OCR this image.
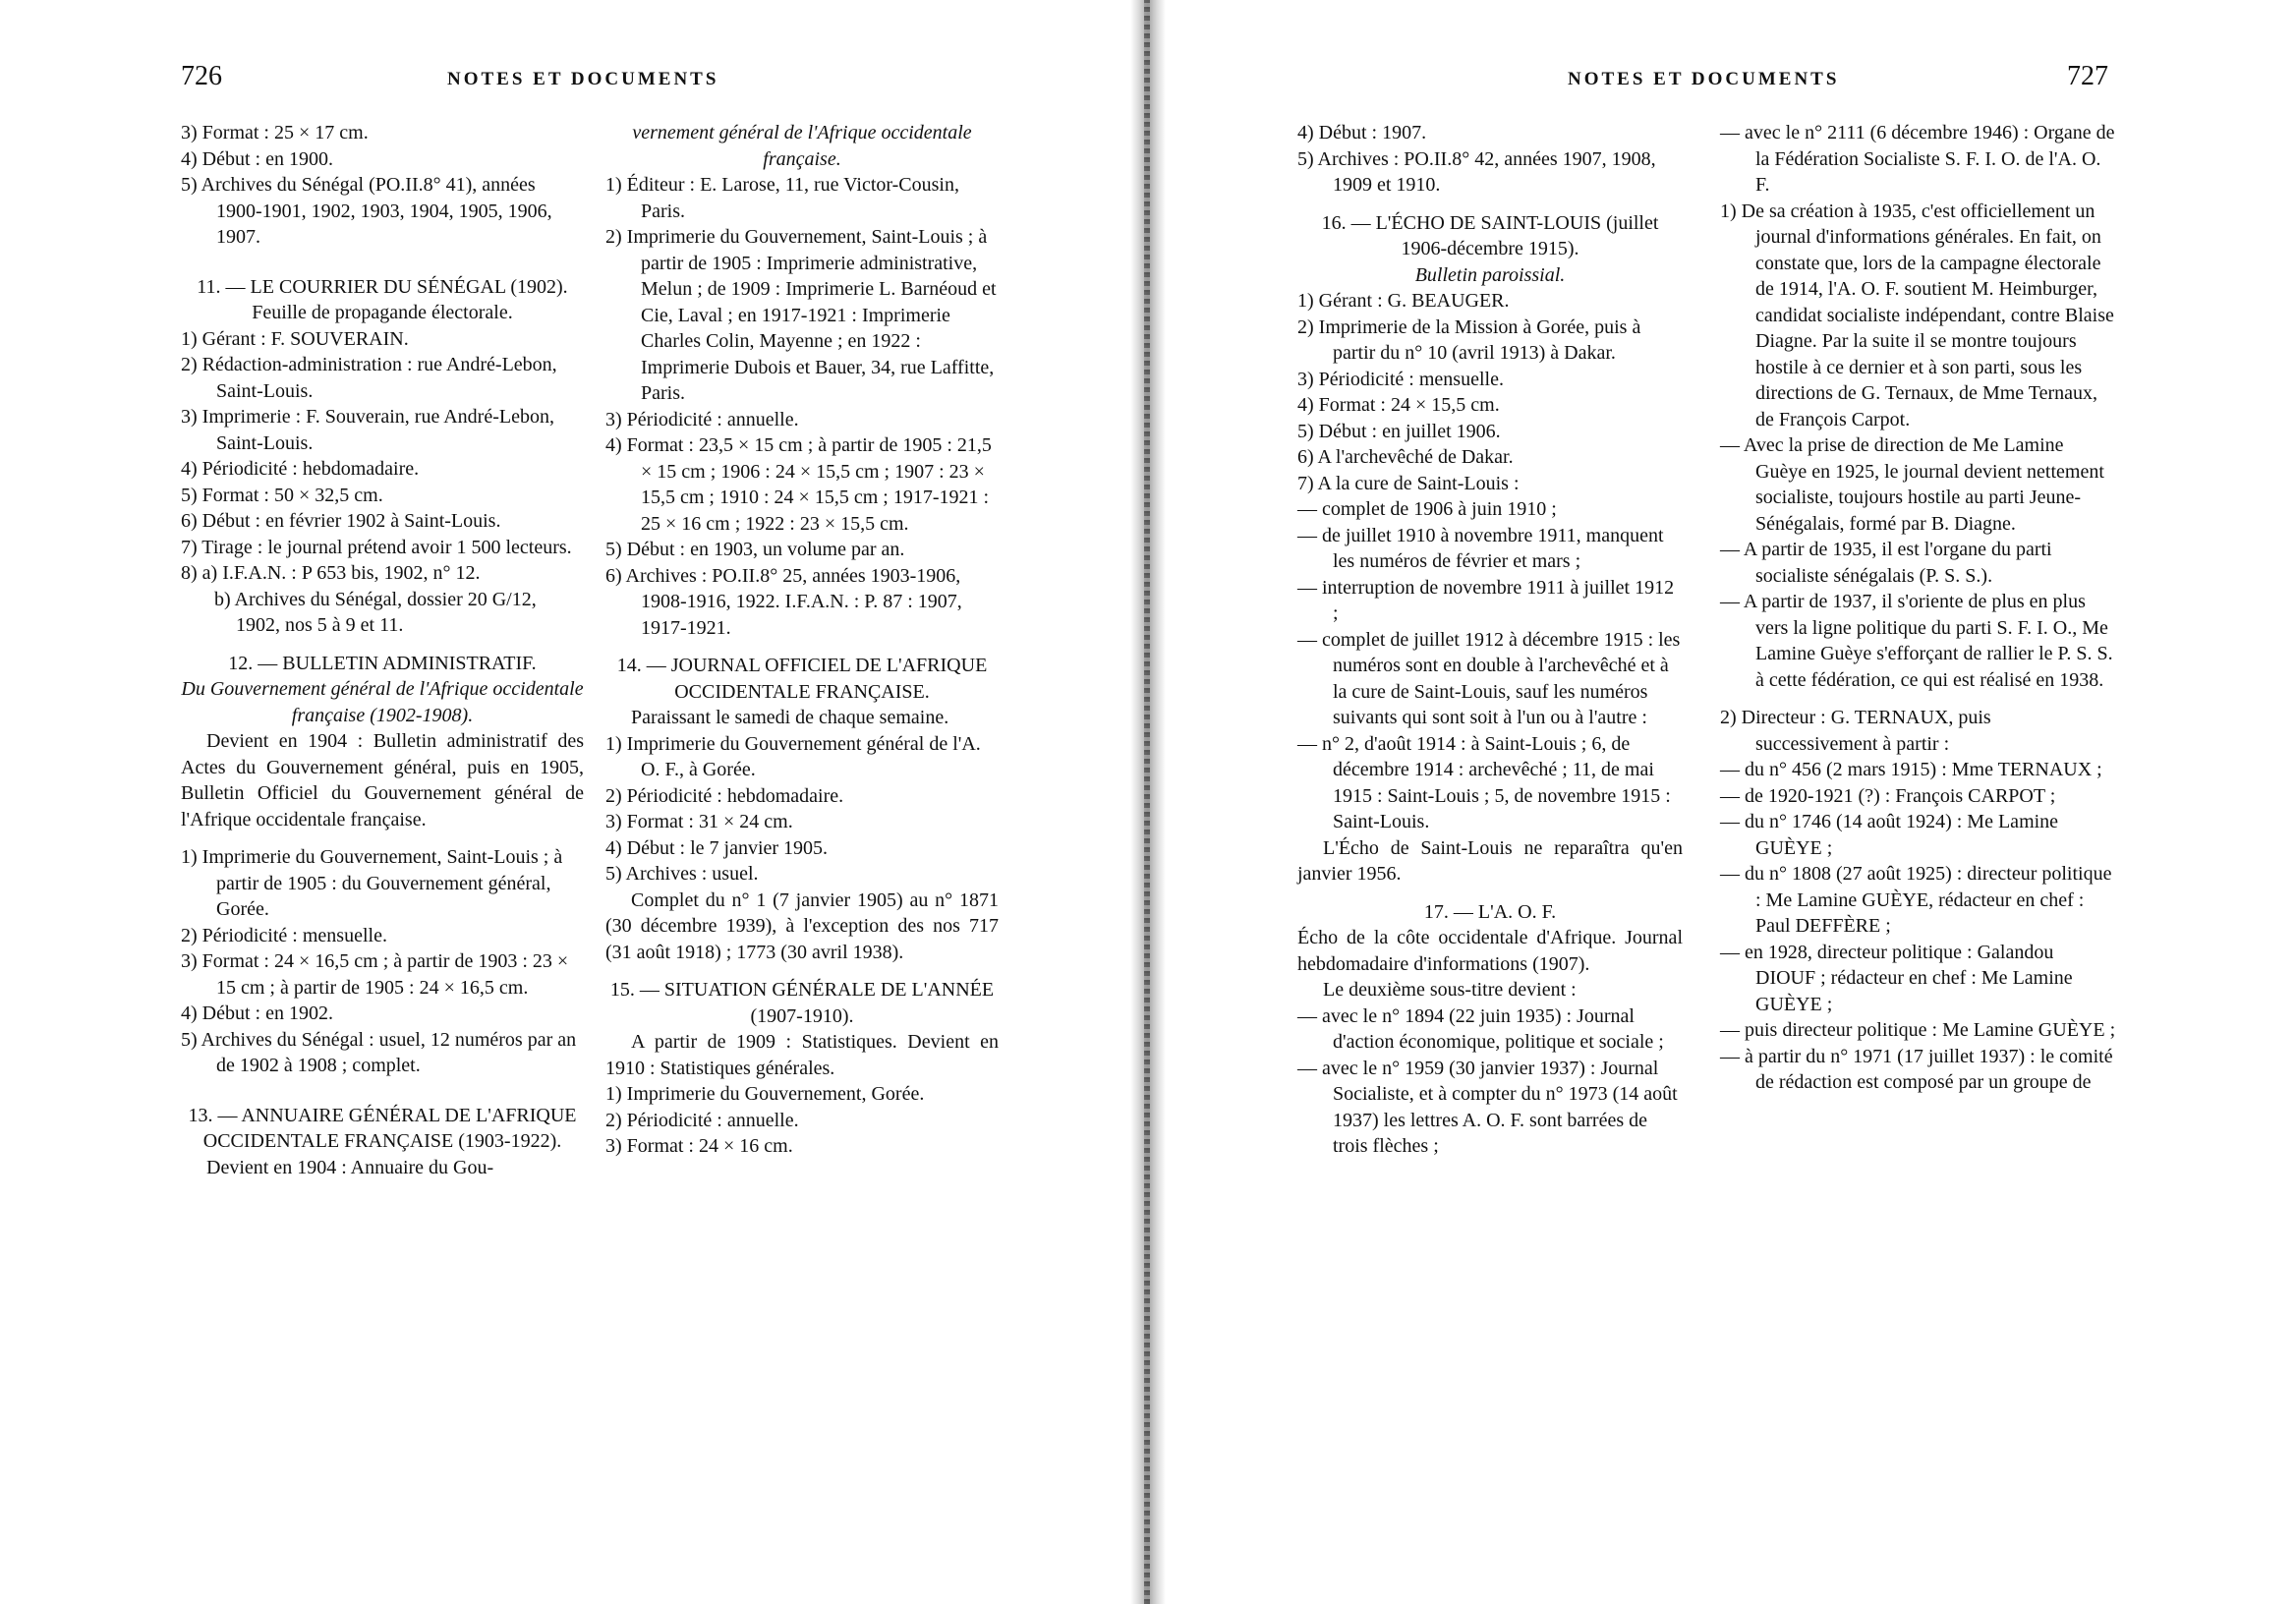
726	NOTES ET DOCUMENTS

3) Format : 25 × 17 cm.

4) Début : en 1900.

5) Archives du Sénégal (PO.II.8° 41), années 1900-1901, 1902, 1903, 1904, 1905, 1906, 1907.

11. — LE COURRIER DU SÉNÉGAL (1902).

Feuille de propagande électorale.

1) Gérant : F. SOUVERAIN.

2) Rédaction-administration : rue André-Lebon, Saint-Louis.

3) Imprimerie : F. Souverain, rue André-Lebon, Saint-Louis.

4) Périodicité : hebdomadaire.

5) Format : 50 × 32,5 cm.

6) Début : en février 1902 à Saint-Louis.

7) Tirage : le journal prétend avoir 1 500 lecteurs.

8) a) I.F.A.N. : P 653 bis, 1902, n° 12.

b) Archives du Sénégal, dossier 20 G/12, 1902, nos 5 à 9 et 11.

12. — BULLETIN ADMINISTRATIF.

Du Gouvernement général de l'Afrique occidentale française (1902-1908).

Devient en 1904 : Bulletin administratif des Actes du Gouvernement général, puis en 1905, Bulletin Officiel du Gouvernement général de l'Afrique occidentale française.

1) Imprimerie du Gouvernement, Saint-Louis ; à partir de 1905 : du Gouvernement général, Gorée.

2) Périodicité : mensuelle.

3) Format : 24 × 16,5 cm ; à partir de 1903 : 23 × 15 cm ; à partir de 1905 : 24 × 16,5 cm.

4) Début : en 1902.

5) Archives du Sénégal : usuel, 12 numéros par an de 1902 à 1908 ; complet.

13. — ANNUAIRE GÉNÉRAL DE L'AFRIQUE OCCIDENTALE FRANÇAISE (1903-1922).

Devient en 1904 : Annuaire du Gou-

vernement général de l'Afrique occidentale française.

1) Éditeur : E. Larose, 11, rue Victor-Cousin, Paris.

2) Imprimerie du Gouvernement, Saint-Louis ; à partir de 1905 : Imprimerie administrative, Melun ; de 1909 : Imprimerie L. Barnéoud et Cie, Laval ; en 1917-1921 : Imprimerie Charles Colin, Mayenne ; en 1922 : Imprimerie Dubois et Bauer, 34, rue Laffitte, Paris.

3) Périodicité : annuelle.

4) Format : 23,5 × 15 cm ; à partir de 1905 : 21,5 × 15 cm ; 1906 : 24 × 15,5 cm ; 1907 : 23 × 15,5 cm ; 1910 : 24 × 15,5 cm ; 1917-1921 : 25 × 16 cm ; 1922 : 23 × 15,5 cm.

5) Début : en 1903, un volume par an.

6) Archives : PO.II.8° 25, années 1903-1906, 1908-1916, 1922. I.F.A.N. : P. 87 : 1907, 1917-1921.

14. — JOURNAL OFFICIEL DE L'AFRIQUE OCCIDENTALE FRANÇAISE.

Paraissant le samedi de chaque semaine.

1) Imprimerie du Gouvernement général de l'A. O. F., à Gorée.

2) Périodicité : hebdomadaire.

3) Format : 31 × 24 cm.

4) Début : le 7 janvier 1905.

5) Archives : usuel.

Complet du n° 1 (7 janvier 1905) au n° 1871 (30 décembre 1939), à l'exception des nos 717 (31 août 1918) ; 1773 (30 avril 1938).

15. — SITUATION GÉNÉRALE DE L'ANNÉE (1907-1910).

A partir de 1909 : Statistiques. Devient en 1910 : Statistiques générales.

1) Imprimerie du Gouvernement, Gorée.

2) Périodicité : annuelle.

3) Format : 24 × 16 cm.

NOTES ET DOCUMENTS	727

4) Début : 1907.

5) Archives : PO.II.8° 42, années 1907, 1908, 1909 et 1910.

16. — L'ÉCHO DE SAINT-LOUIS (juillet 1906-décembre 1915).

Bulletin paroissial.

1) Gérant : G. BEAUGER.

2) Imprimerie de la Mission à Gorée, puis à partir du n° 10 (avril 1913) à Dakar.

3) Périodicité : mensuelle.

4) Format : 24 × 15,5 cm.

5) Début : en juillet 1906.

6) A l'archevêché de Dakar.

7) A la cure de Saint-Louis :

— complet de 1906 à juin 1910 ;

— de juillet 1910 à novembre 1911, manquent les numéros de février et mars ;

— interruption de novembre 1911 à juillet 1912 ;

— complet de juillet 1912 à décembre 1915 : les numéros sont en double à l'archevêché et à la cure de Saint-Louis, sauf les numéros suivants qui sont soit à l'un ou à l'autre :

— n° 2, d'août 1914 : à Saint-Louis ; 6, de décembre 1914 : archevêché ; 11, de mai 1915 : Saint-Louis ; 5, de novembre 1915 : Saint-Louis.

L'Écho de Saint-Louis ne reparaîtra qu'en janvier 1956.

17. — L'A. O. F.

Écho de la côte occidentale d'Afrique. Journal hebdomadaire d'informations (1907).

Le deuxième sous-titre devient :

— avec le n° 1894 (22 juin 1935) : Journal d'action économique, politique et sociale ;

— avec le n° 1959 (30 janvier 1937) : Journal Socialiste, et à compter du n° 1973 (14 août 1937) les lettres A. O. F. sont barrées de trois flèches ;

— avec le n° 2111 (6 décembre 1946) : Organe de la Fédération Socialiste S. F. I. O. de l'A. O. F.

1) De sa création à 1935, c'est officiellement un journal d'informations générales. En fait, on constate que, lors de la campagne électorale de 1914, l'A. O. F. soutient M. Heimburger, candidat socialiste indépendant, contre Blaise Diagne. Par la suite il se montre toujours hostile à ce dernier et à son parti, sous les directions de G. Ternaux, de Mme Ternaux, de François Carpot.

— Avec la prise de direction de Me Lamine Guèye en 1925, le journal devient nettement socialiste, toujours hostile au parti Jeune-Sénégalais, formé par B. Diagne.

— A partir de 1935, il est l'organe du parti socialiste sénégalais (P. S. S.).

— A partir de 1937, il s'oriente de plus en plus vers la ligne politique du parti S. F. I. O., Me Lamine Guèye s'efforçant de rallier le P. S. S. à cette fédération, ce qui est réalisé en 1938.

2) Directeur : G. TERNAUX, puis successivement à partir :

— du n° 456 (2 mars 1915) : Mme TERNAUX ;

— de 1920-1921 (?) : François CARPOT ;

— du n° 1746 (14 août 1924) : Me Lamine GUÈYE ;

— du n° 1808 (27 août 1925) : directeur politique : Me Lamine GUÈYE, rédacteur en chef : Paul DEFFÈRE ;

— en 1928, directeur politique : Galandou DIOUF ; rédacteur en chef : Me Lamine GUÈYE ;

— puis directeur politique : Me Lamine GUÈYE ;

— à partir du n° 1971 (17 juillet 1937) : le comité de rédaction est composé par un groupe de
